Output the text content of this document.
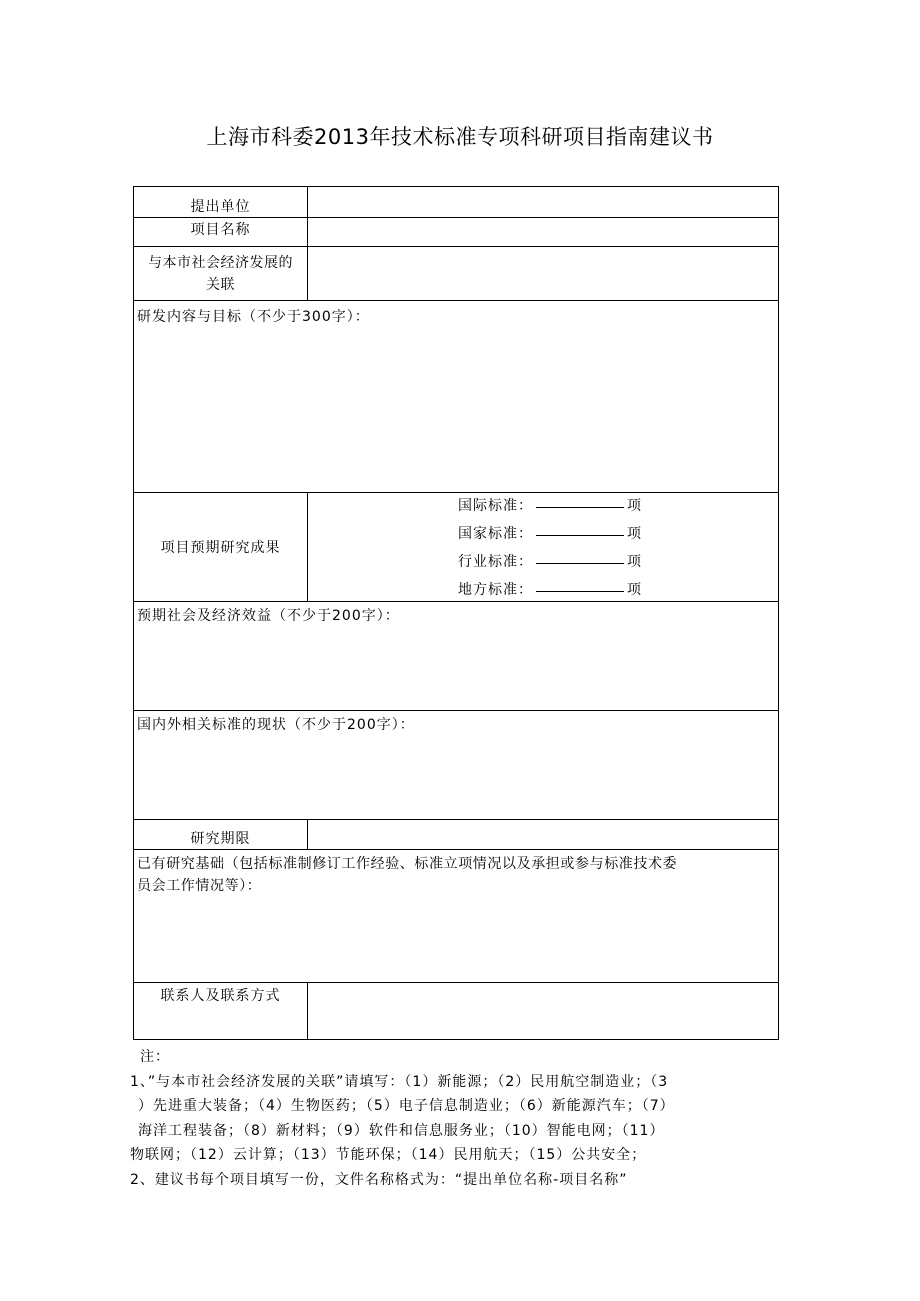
上海市科委2013年技术标准专项科研项目指南建议书
提出单位
项目名称
与本市社会经济发展的
关联
研发内容与目标（不少于300字）：
项目预期研究成果
国际标准：	项
国家标准：	项
行业标准：	项
地方标准：	项
预期社会及经济效益（不少于200字）：
国内外相关标准的现状（不少于200字）：
研究期限
已有研究基础（包括标准制修订工作经验、标准立项情况以及承担或参与标准技术委
员会工作情况等）：
联系人及联系方式
注：
1、”与本市社会经济发展的关联”请填写：（1）新能源；（2）民用航空制造业；（3
）先进重大装备；（4）生物医药；（5）电子信息制造业；（6）新能源汽车；（7）
海洋工程装备；（8）新材料；（9）软件和信息服务业；（10）智能电网；（11）
物联网；（12）云计算；（13）节能环保；（14）民用航天；（15）公共安全；
2、建议书每个项目填写一份，文件名称格式为：“提出单位名称-项目名称”
